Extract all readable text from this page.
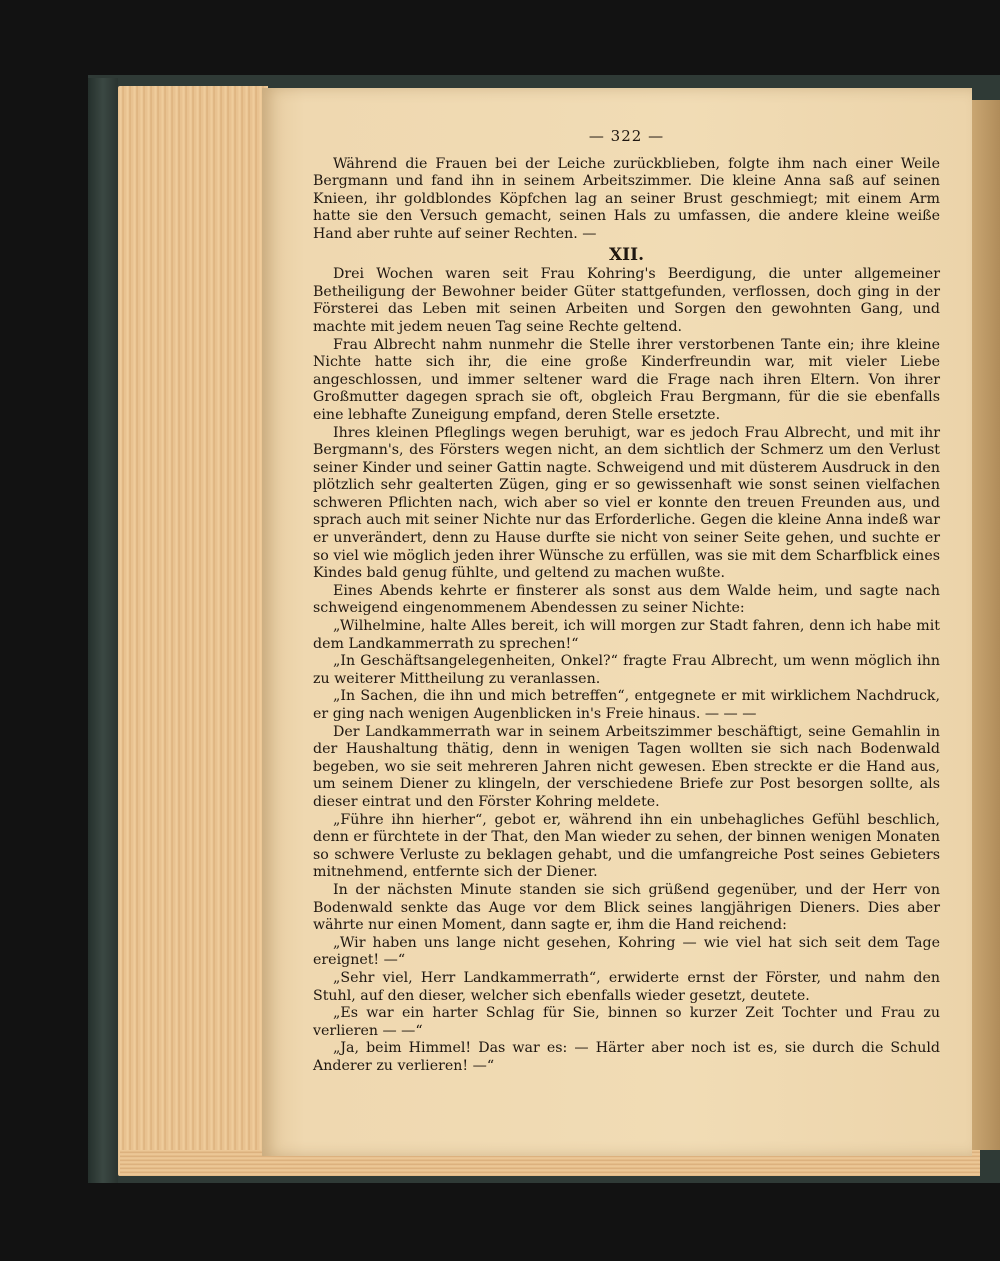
— 322 —

Während die Frauen bei der Leiche zurückblieben, folgte ihm nach einer Weile Bergmann und fand ihn in seinem Arbeitszimmer. Die kleine Anna saß auf seinen Knieen, ihr goldblondes Köpfchen lag an seiner Brust geschmiegt; mit einem Arm hatte sie den Versuch gemacht, seinen Hals zu umfassen, die andere kleine weiße Hand aber ruhte auf seiner Rechten. —

XII.

Drei Wochen waren seit Frau Kohring's Beerdigung, die unter allgemeiner Betheiligung der Bewohner beider Güter stattgefunden, verflossen, doch ging in der Försterei das Leben mit seinen Arbeiten und Sorgen den gewohnten Gang, und machte mit jedem neuen Tag seine Rechte geltend.

Frau Albrecht nahm nunmehr die Stelle ihrer verstorbenen Tante ein; ihre kleine Nichte hatte sich ihr, die eine große Kinderfreundin war, mit vieler Liebe angeschlossen, und immer seltener ward die Frage nach ihren Eltern. Von ihrer Großmutter dagegen sprach sie oft, obgleich Frau Bergmann, für die sie ebenfalls eine lebhafte Zuneigung empfand, deren Stelle ersetzte.

Ihres kleinen Pfleglings wegen beruhigt, war es jedoch Frau Albrecht, und mit ihr Bergmann's, des Försters wegen nicht, an dem sichtlich der Schmerz um den Verlust seiner Kinder und seiner Gattin nagte. Schweigend und mit düsterem Ausdruck in den plötzlich sehr gealterten Zügen, ging er so gewissenhaft wie sonst seinen vielfachen schweren Pflichten nach, wich aber so viel er konnte den treuen Freunden aus, und sprach auch mit seiner Nichte nur das Erforderliche. Gegen die kleine Anna indeß war er unverändert, denn zu Hause durfte sie nicht von seiner Seite gehen, und suchte er so viel wie möglich jeden ihrer Wünsche zu erfüllen, was sie mit dem Scharfblick eines Kindes bald genug fühlte, und geltend zu machen wußte.

Eines Abends kehrte er finsterer als sonst aus dem Walde heim, und sagte nach schweigend eingenommenem Abendessen zu seiner Nichte:

„Wilhelmine, halte Alles bereit, ich will morgen zur Stadt fahren, denn ich habe mit dem Landkammerrath zu sprechen!“

„In Geschäftsangelegenheiten, Onkel?“ fragte Frau Albrecht, um wenn möglich ihn zu weiterer Mittheilung zu veranlassen.

„In Sachen, die ihn und mich betreffen“, entgegnete er mit wirklichem Nachdruck, er ging nach wenigen Augenblicken in's Freie hinaus. — — —

Der Landkammerrath war in seinem Arbeitszimmer beschäftigt, seine Gemahlin in der Haushaltung thätig, denn in wenigen Tagen wollten sie sich nach Bodenwald begeben, wo sie seit mehreren Jahren nicht gewesen. Eben streckte er die Hand aus, um seinem Diener zu klingeln, der verschiedene Briefe zur Post besorgen sollte, als dieser eintrat und den Förster Kohring meldete.

„Führe ihn hierher“, gebot er, während ihn ein unbehagliches Gefühl beschlich, denn er fürchtete in der That, den Man wieder zu sehen, der binnen wenigen Monaten so schwere Verluste zu beklagen gehabt, und die umfangreiche Post seines Gebieters mitnehmend, entfernte sich der Diener.

In der nächsten Minute standen sie sich grüßend gegenüber, und der Herr von Bodenwald senkte das Auge vor dem Blick seines langjährigen Dieners. Dies aber währte nur einen Moment, dann sagte er, ihm die Hand reichend:

„Wir haben uns lange nicht gesehen, Kohring — wie viel hat sich seit dem Tage ereignet! —“

„Sehr viel, Herr Landkammerrath“, erwiderte ernst der Förster, und nahm den Stuhl, auf den dieser, welcher sich ebenfalls wieder gesetzt, deutete.

„Es war ein harter Schlag für Sie, binnen so kurzer Zeit Tochter und Frau zu verlieren — —“

„Ja, beim Himmel! Das war es: — Härter aber noch ist es, sie durch die Schuld Anderer zu verlieren! —“
